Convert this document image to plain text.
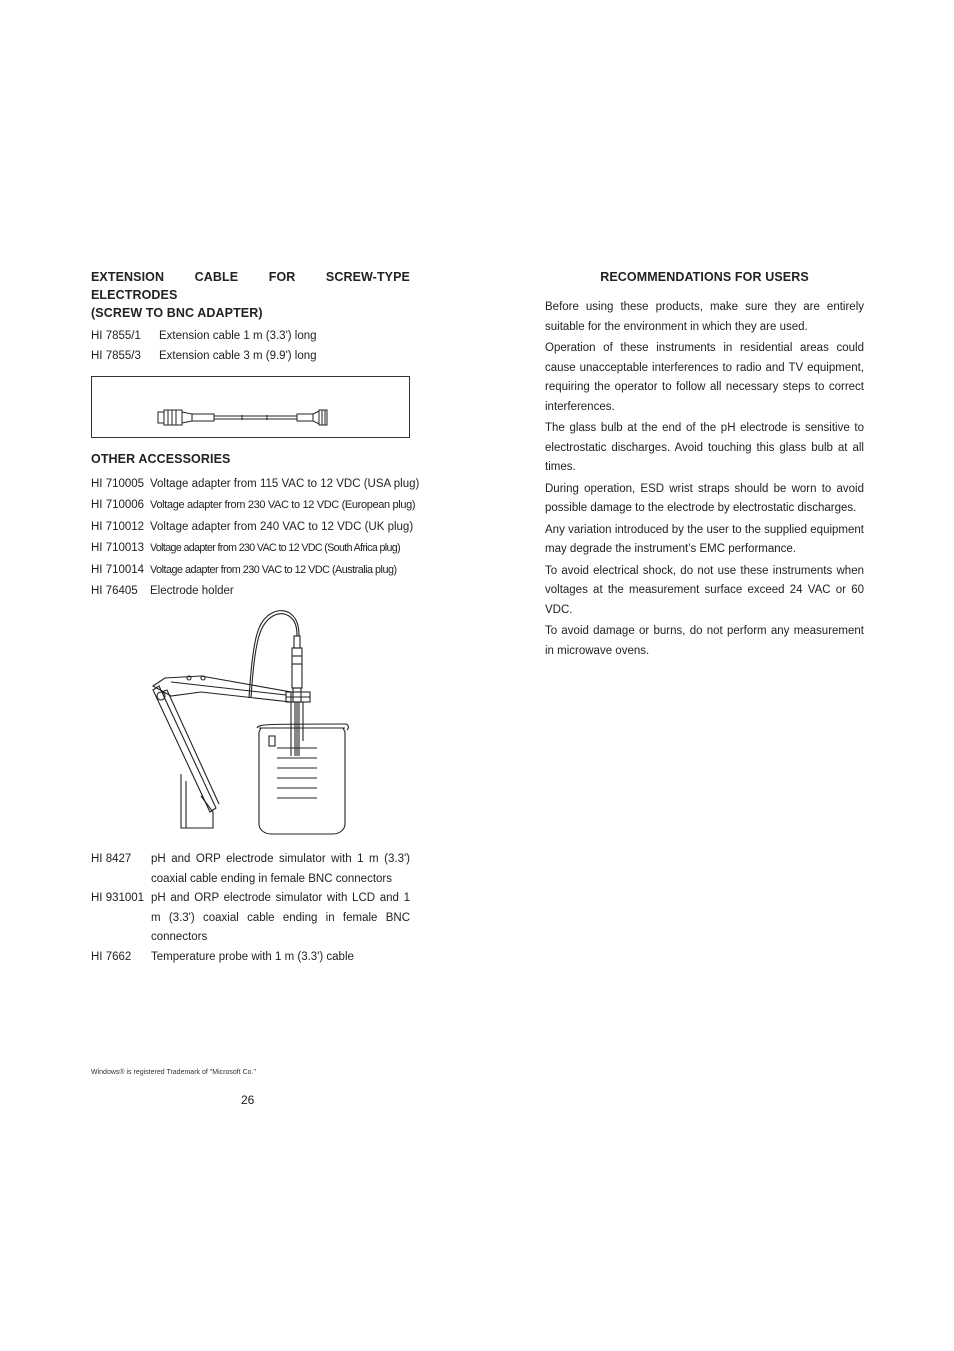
EXTENSION CABLE FOR SCREW-TYPE ELECTRODES
(SCREW TO BNC ADAPTER)
HI 7855/1	Extension cable 1 m (3.3') long
HI 7855/3	Extension cable 3 m (9.9') long
OTHER ACCESSORIES
HI 710005 Voltage adapter from 115 VAC to 12 VDC (USA plug)
HI 710006 Voltage adapter from 230 VAC to 12 VDC (European plug)
HI 710012 Voltage adapter from 240 VAC to 12 VDC (UK plug)
HI 710013 Voltage adapter from 230 VAC to 12 VDC (South Africa plug)
HI 710014 Voltage adapter from 230 VAC to 12 VDC (Australia plug)
HI 76405	Electrode holder
HI 8427	pH and ORP electrode simulator with 1 m (3.3') coaxial cable ending in female BNC connectors
HI 931001 pH and ORP electrode simulator with LCD and 1 m (3.3') coaxial cable ending in female BNC connectors
HI 7662	Temperature probe with 1 m (3.3') cable
RECOMMENDATIONS FOR USERS

Before using these products, make sure they are entirely suitable for the environment in which they are used.

Operation of these instruments in residential areas could cause unacceptable interferences to radio and TV equipment, requiring the operator to follow all necessary steps to correct interferences.

The glass bulb at the end of the pH electrode is sensitive to electrostatic discharges. Avoid touching this glass bulb at all times.

During operation, ESD wrist straps should be worn to avoid possible damage to the electrode by electrostatic discharges.

Any variation introduced by the user to the supplied equipment may degrade the instrument’s EMC performance.

To avoid electrical shock, do not use these instruments when voltages at the measurement surface exceed 24 VAC or 60 VDC.

To avoid damage or burns, do not perform any measurement in microwave ovens.

Windows® is registered Trademark of "Microsoft Co."
26
